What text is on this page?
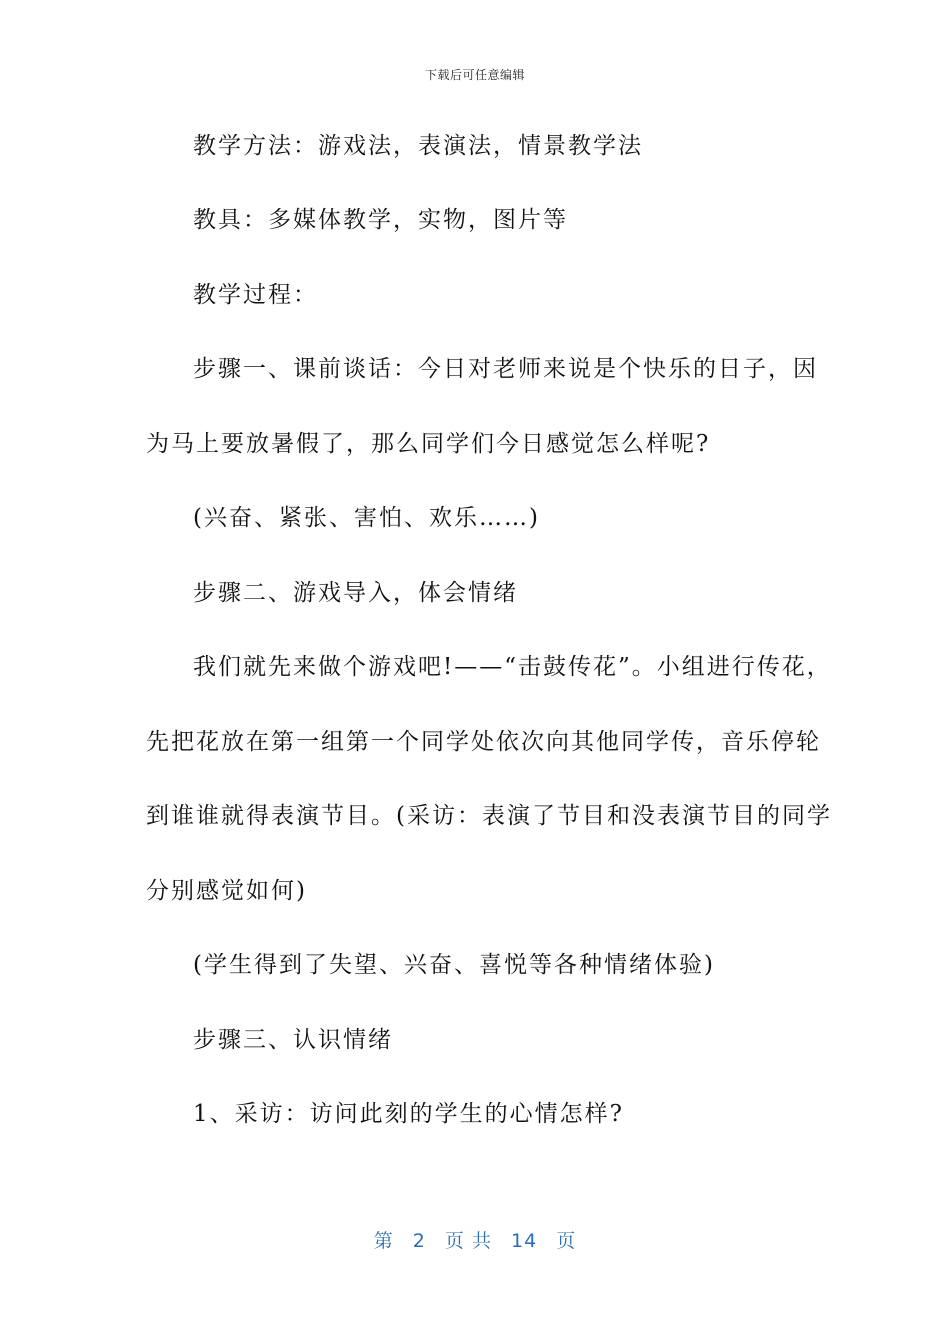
下载后可任意编辑
教学方法：游戏法，表演法，情景教学法
教具：多媒体教学，实物，图片等
教学过程：
步骤一、课前谈话：今日对老师来说是个快乐的日子，因
为马上要放暑假了，那么同学们今日感觉怎么样呢?
(兴奋、紧张、害怕、欢乐……)
步骤二、游戏导入，体会情绪
我们就先来做个游戏吧!——“击鼓传花”。小组进行传花，
先把花放在第一组第一个同学处依次向其他同学传，音乐停轮
到谁谁就得表演节目。(采访：表演了节目和没表演节目的同学
分别感觉如何)
(学生得到了失望、兴奋、喜悦等各种情绪体验)
步骤三、认识情绪
1、采访：访问此刻的学生的心情怎样?
第 2 页 共 14 页
